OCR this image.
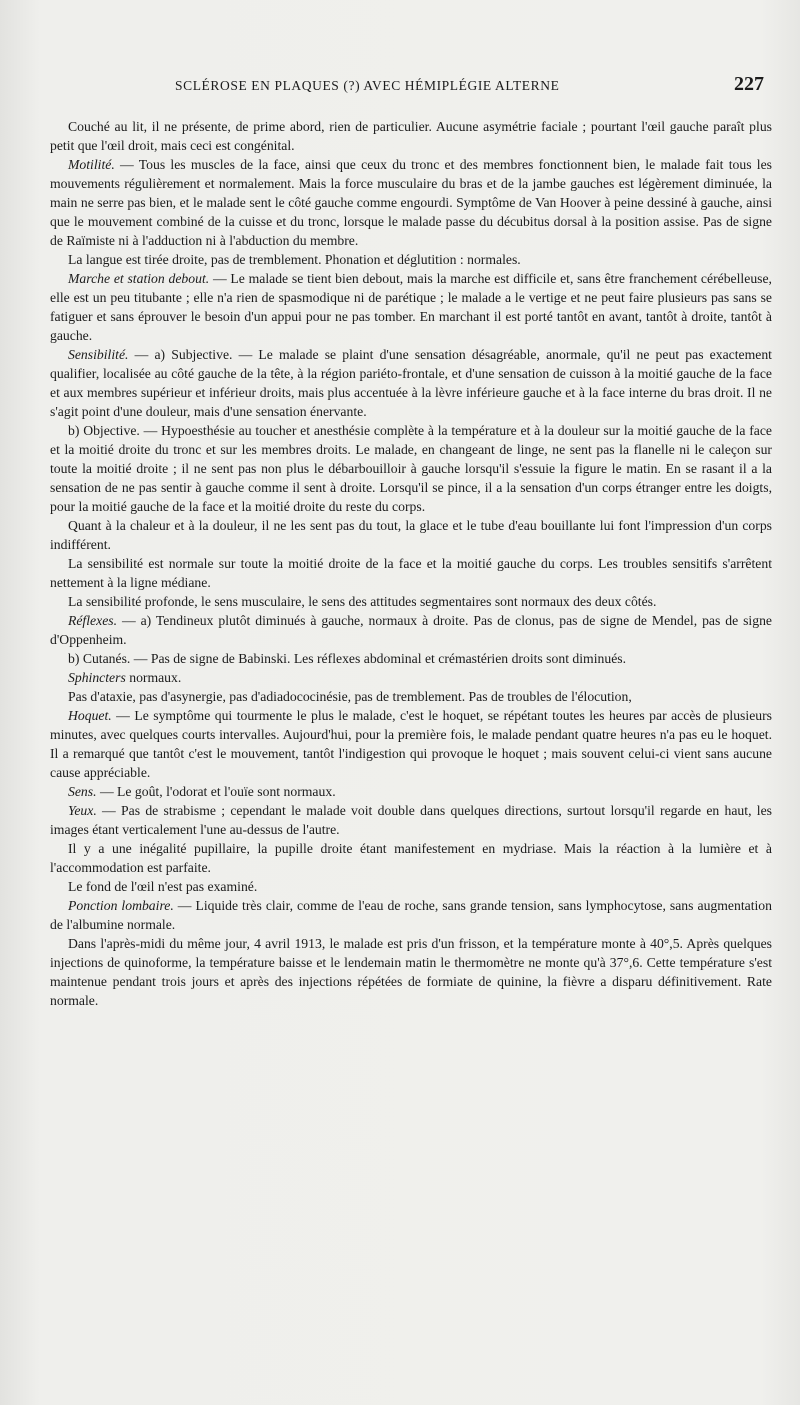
SCLÉROSE EN PLAQUES (?) AVEC HÉMIPLÉGIE ALTERNE	227

Couché au lit, il ne présente, de prime abord, rien de particulier. Aucune asymétrie faciale ; pourtant l'œil gauche paraît plus petit que l'œil droit, mais ceci est congénital.

Motilité. — Tous les muscles de la face, ainsi que ceux du tronc et des membres fonctionnent bien, le malade fait tous les mouvements régulièrement et normalement. Mais la force musculaire du bras et de la jambe gauches est légèrement diminuée, la main ne serre pas bien, et le malade sent le côté gauche comme engourdi. Symptôme de Van Hoover à peine dessiné à gauche, ainsi que le mouvement combiné de la cuisse et du tronc, lorsque le malade passe du décubitus dorsal à la position assise. Pas de signe de Raïmiste ni à l'adduction ni à l'abduction du membre.

La langue est tirée droite, pas de tremblement. Phonation et déglutition : normales.

Marche et station debout. — Le malade se tient bien debout, mais la marche est difficile et, sans être franchement cérébelleuse, elle est un peu titubante ; elle n'a rien de spasmodique ni de parétique ; le malade a le vertige et ne peut faire plusieurs pas sans se fatiguer et sans éprouver le besoin d'un appui pour ne pas tomber. En marchant il est porté tantôt en avant, tantôt à droite, tantôt à gauche.

Sensibilité. — a) Subjective. — Le malade se plaint d'une sensation désagréable, anormale, qu'il ne peut pas exactement qualifier, localisée au côté gauche de la tête, à la région pariéto-frontale, et d'une sensation de cuisson à la moitié gauche de la face et aux membres supérieur et inférieur droits, mais plus accentuée à la lèvre inférieure gauche et à la face interne du bras droit. Il ne s'agit point d'une douleur, mais d'une sensation énervante.

b) Objective. — Hypoesthésie au toucher et anesthésie complète à la température et à la douleur sur la moitié gauche de la face et la moitié droite du tronc et sur les membres droits. Le malade, en changeant de linge, ne sent pas la flanelle ni le caleçon sur toute la moitié droite ; il ne sent pas non plus le débarbouilloir à gauche lorsqu'il s'essuie la figure le matin. En se rasant il a la sensation de ne pas sentir à gauche comme il sent à droite. Lorsqu'il se pince, il a la sensation d'un corps étranger entre les doigts, pour la moitié gauche de la face et la moitié droite du reste du corps.

Quant à la chaleur et à la douleur, il ne les sent pas du tout, la glace et le tube d'eau bouillante lui font l'impression d'un corps indifférent.

La sensibilité est normale sur toute la moitié droite de la face et la moitié gauche du corps. Les troubles sensitifs s'arrêtent nettement à la ligne médiane.

La sensibilité profonde, le sens musculaire, le sens des attitudes segmentaires sont normaux des deux côtés.

Réflexes. — a) Tendineux plutôt diminués à gauche, normaux à droite. Pas de clonus, pas de signe de Mendel, pas de signe d'Oppenheim.

b) Cutanés. — Pas de signe de Babinski. Les réflexes abdominal et crémastérien droits sont diminués.

Sphincters normaux.

Pas d'ataxie, pas d'asynergie, pas d'adiadococinésie, pas de tremblement. Pas de troubles de l'élocution,

Hoquet. — Le symptôme qui tourmente le plus le malade, c'est le hoquet, se répétant toutes les heures par accès de plusieurs minutes, avec quelques courts intervalles. Aujourd'hui, pour la première fois, le malade pendant quatre heures n'a pas eu le hoquet. Il a remarqué que tantôt c'est le mouvement, tantôt l'indigestion qui provoque le hoquet ; mais souvent celui-ci vient sans aucune cause appréciable.

Sens. — Le goût, l'odorat et l'ouïe sont normaux.

Yeux. — Pas de strabisme ; cependant le malade voit double dans quelques directions, surtout lorsqu'il regarde en haut, les images étant verticalement l'une au-dessus de l'autre.

Il y a une inégalité pupillaire, la pupille droite étant manifestement en mydriase. Mais la réaction à la lumière et à l'accommodation est parfaite.

Le fond de l'œil n'est pas examiné.

Ponction lombaire. — Liquide très clair, comme de l'eau de roche, sans grande tension, sans lymphocytose, sans augmentation de l'albumine normale.

Dans l'après-midi du même jour, 4 avril 1913, le malade est pris d'un frisson, et la température monte à 40°,5. Après quelques injections de quinoforme, la température baisse et le lendemain matin le thermomètre ne monte qu'à 37°,6. Cette température s'est maintenue pendant trois jours et après des injections répétées de formiate de quinine, la fièvre a disparu définitivement. Rate normale.
